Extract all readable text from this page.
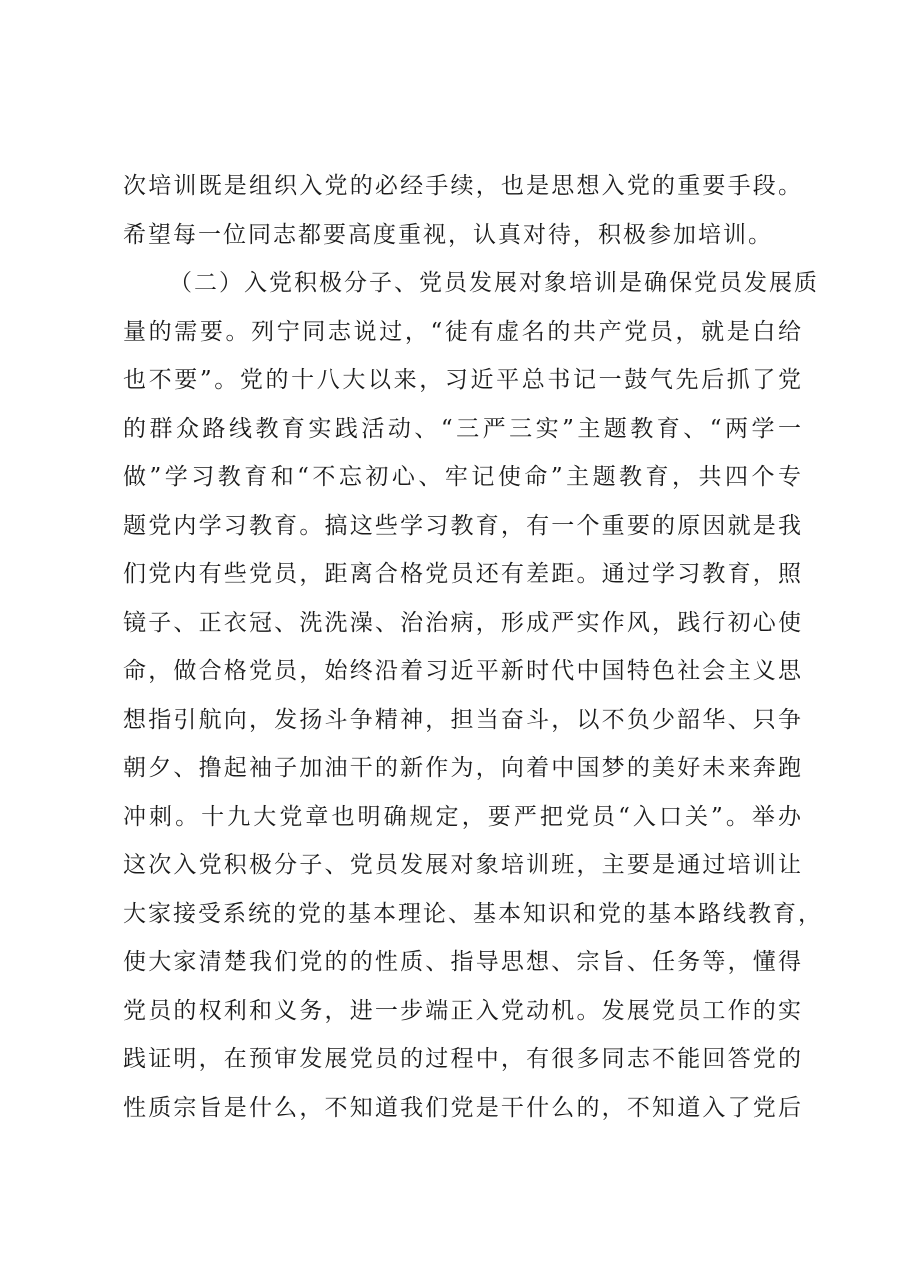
次培训既是组织入党的必经手续，也是思想入党的重要手段。
希望每一位同志都要高度重视，认真对待，积极参加培训。
（二）入党积极分子、党员发展对象培训是确保党员发展质
量的需要。列宁同志说过，“徒有虚名的共产党员，就是白给
也不要”。党的十八大以来，习近平总书记一鼓气先后抓了党
的群众路线教育实践活动、“三严三实”主题教育、“两学一
做”学习教育和“不忘初心、牢记使命”主题教育，共四个专
题党内学习教育。搞这些学习教育，有一个重要的原因就是我
们党内有些党员，距离合格党员还有差距。通过学习教育，照
镜子、正衣冠、洗洗澡、治治病，形成严实作风，践行初心使
命，做合格党员，始终沿着习近平新时代中国特色社会主义思
想指引航向，发扬斗争精神，担当奋斗，以不负少韶华、只争
朝夕、撸起袖子加油干的新作为，向着中国梦的美好未来奔跑
冲刺。十九大党章也明确规定，要严把党员“入口关”。举办
这次入党积极分子、党员发展对象培训班，主要是通过培训让
大家接受系统的党的基本理论、基本知识和党的基本路线教育，
使大家清楚我们党的的性质、指导思想、宗旨、任务等，懂得
党员的权利和义务，进一步端正入党动机。发展党员工作的实
践证明，在预审发展党员的过程中，有很多同志不能回答党的
性质宗旨是什么，不知道我们党是干什么的，不知道入了党后
